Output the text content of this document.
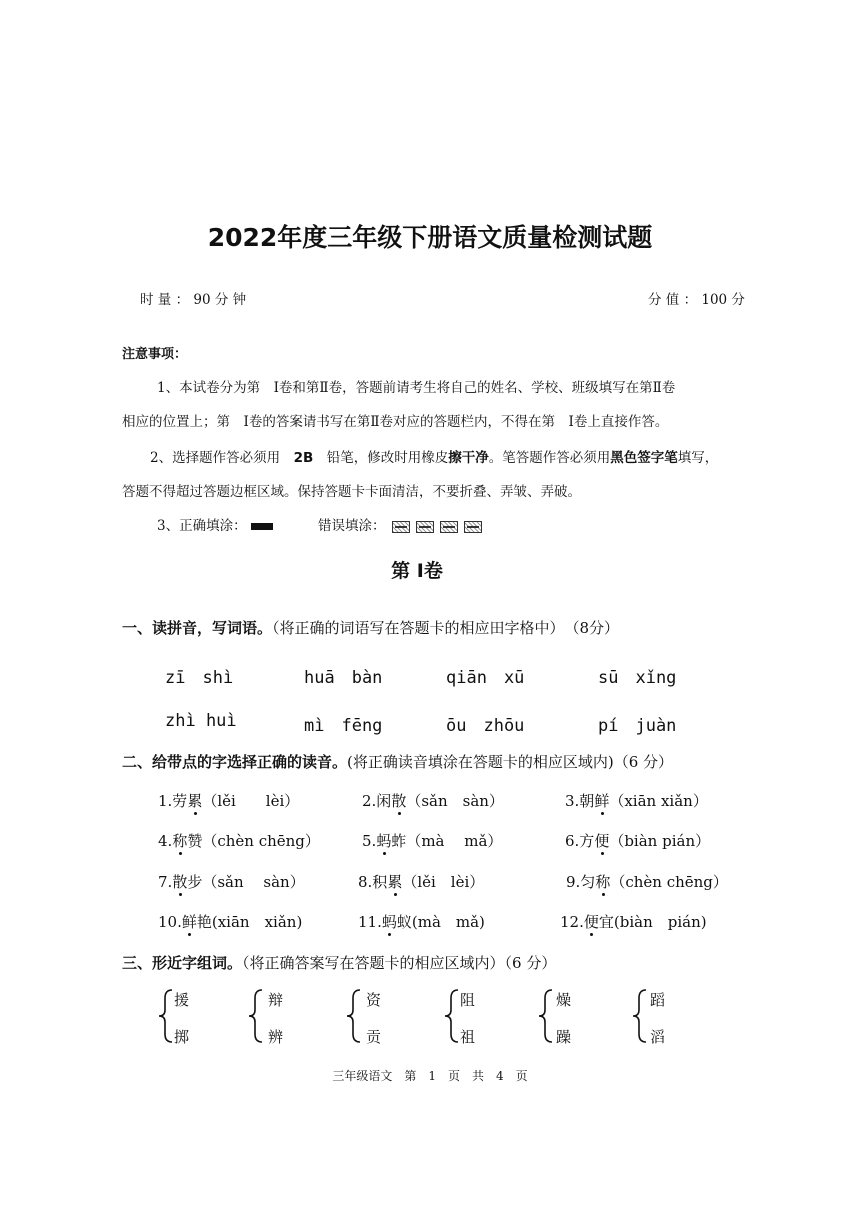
2022年度三年级下册语文质量检测试题
时 量 ： 90 分 钟	分 值 ： 100 分
注意事项：
1、本试卷分为第　Ⅰ卷和第Ⅱ卷，答题前请考生将自己的姓名、学校、班级填写在第Ⅱ卷
相应的位置上；第　Ⅰ卷的答案请书写在第Ⅱ卷对应的答题栏内，不得在第　Ⅰ卷上直接作答。
2、选择题作答必须用　2B　铅笔，修改时用橡皮擦干净。笔答题作答必须用黑色签字笔填写，
答题不得超过答题边框区域。保持答题卡卡面清洁，不要折叠、弄皱、弄破。
3、正确填涂：	错误填涂：
第 Ⅰ卷
一、读拼音，写词语。（将正确的词语写在答题卡的相应田字格中）　（8分）
zī　shì	huā　bàn	qiān　xū	sū　xǐng
zhì huì	mì　fēng	ōu　zhōu	pí　juàn
二、给带点的字选择正确的读音。(将正确读音填涂在答题卡的相应区域内)（6 分）
1.劳累（lěi　　lèi）	2.闲散（sǎn　sàn）	3.朝鲜（xiān xiǎn）
4.称赞（chèn chēng）	5.蚂蚱（mà　 mǎ）	6.方便（biàn pián）
7.散步（sǎn　 sàn）	8.积累（lěi　lèi）	9.匀称（chèn chēng）
10.鲜艳(xiān　xiǎn)	11.蚂蚁(mà　mǎ)	12.便宜(biàn　pián)
三、形近字组词。（将正确答案写在答题卡的相应区域内）（6 分）
援
掷
辩
辨
资
贡
阻
祖
燥
躁
蹈
滔
三年级语文　第　1　页　共　4　页
